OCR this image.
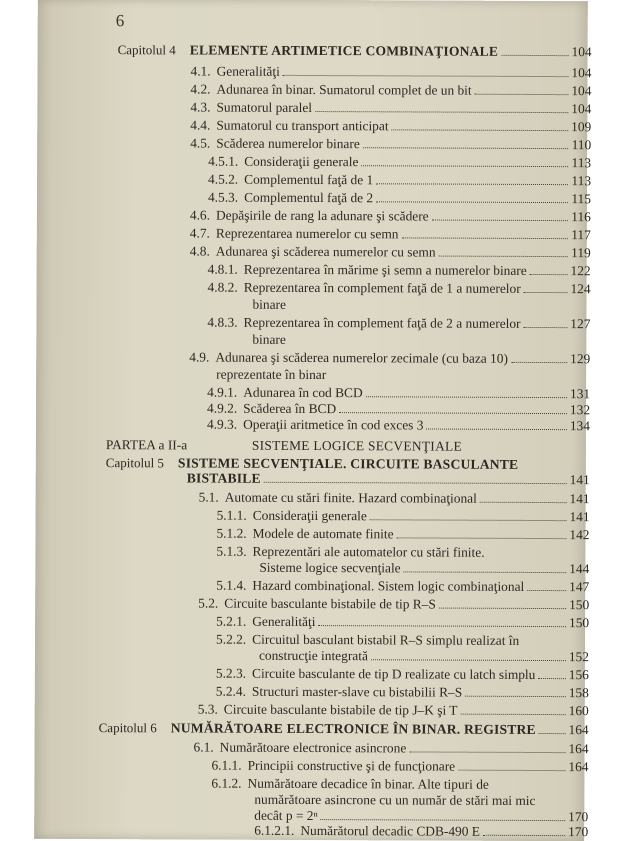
6
Capitolul 4 ELEMENTE ARTIMETICE COMBINAŢIONALE	104
4.1. Generalităţi	104
4.2. Adunarea în binar. Sumatorul complet de un bit	104
4.3. Sumatorul paralel	104
4.4. Sumatorul cu transport anticipat	109
4.5. Scăderea numerelor binare	110
4.5.1. Consideraţii generale	113
4.5.2. Complementul faţă de 1	113
4.5.3. Complementul faţă de 2	115
4.6. Depăşirile de rang la adunare şi scădere	116
4.7. Reprezentarea numerelor cu semn	117
4.8. Adunarea şi scăderea numerelor cu semn	119
4.8.1. Reprezentarea în mărime şi semn a numerelor binare	122
4.8.2. Reprezentarea în complement faţă de 1 a numerelor	124
binare
4.8.3. Reprezentarea în complement faţă de 2 a numerelor	127
binare
4.9. Adunarea şi scăderea numerelor zecimale (cu baza 10)	129
reprezentate în binar
4.9.1. Adunarea în cod BCD	131
4.9.2. Scăderea în BCD	132
4.9.3. Operaţii aritmetice în cod exces 3	134
PARTEA a II-a	SISTEME LOGICE SECVENŢIALE
Capitolul 5 SISTEME SECVENŢIALE. CIRCUITE BASCULANTE
BISTABILE	141
5.1. Automate cu stări finite. Hazard combinaţional	141
5.1.1. Consideraţii generale	141
5.1.2. Modele de automate finite	142
5.1.3. Reprezentări ale automatelor cu stări finite.
Sisteme logice secvenţiale	144
5.1.4. Hazard combinaţional. Sistem logic combinaţional	147
5.2. Circuite basculante bistabile de tip R–S	150
5.2.1. Generalităţi	150
5.2.2. Circuitul basculant bistabil R–S simplu realizat în
construcţie integrată	152
5.2.3. Circuite basculante de tip D realizate cu latch simplu 156
5.2.4. Structuri master-slave cu bistabilii R–S	158
5.3. Circuite basculante bistabile de tip J–K şi T	160
Capitolul 6 NUMĂRĂTOARE ELECTRONICE ÎN BINAR. REGISTRE 164
6.1. Numărătoare electronice asincrone	164
6.1.1. Principii constructive şi de funcţionare	164
6.1.2. Numărătoare decadice în binar. Alte tipuri de
numărătoare asincrone cu un număr de stări mai mic
decât p = 2ⁿ	170
6.1.2.1. Numărătorul decadic CDB-490 E	170
